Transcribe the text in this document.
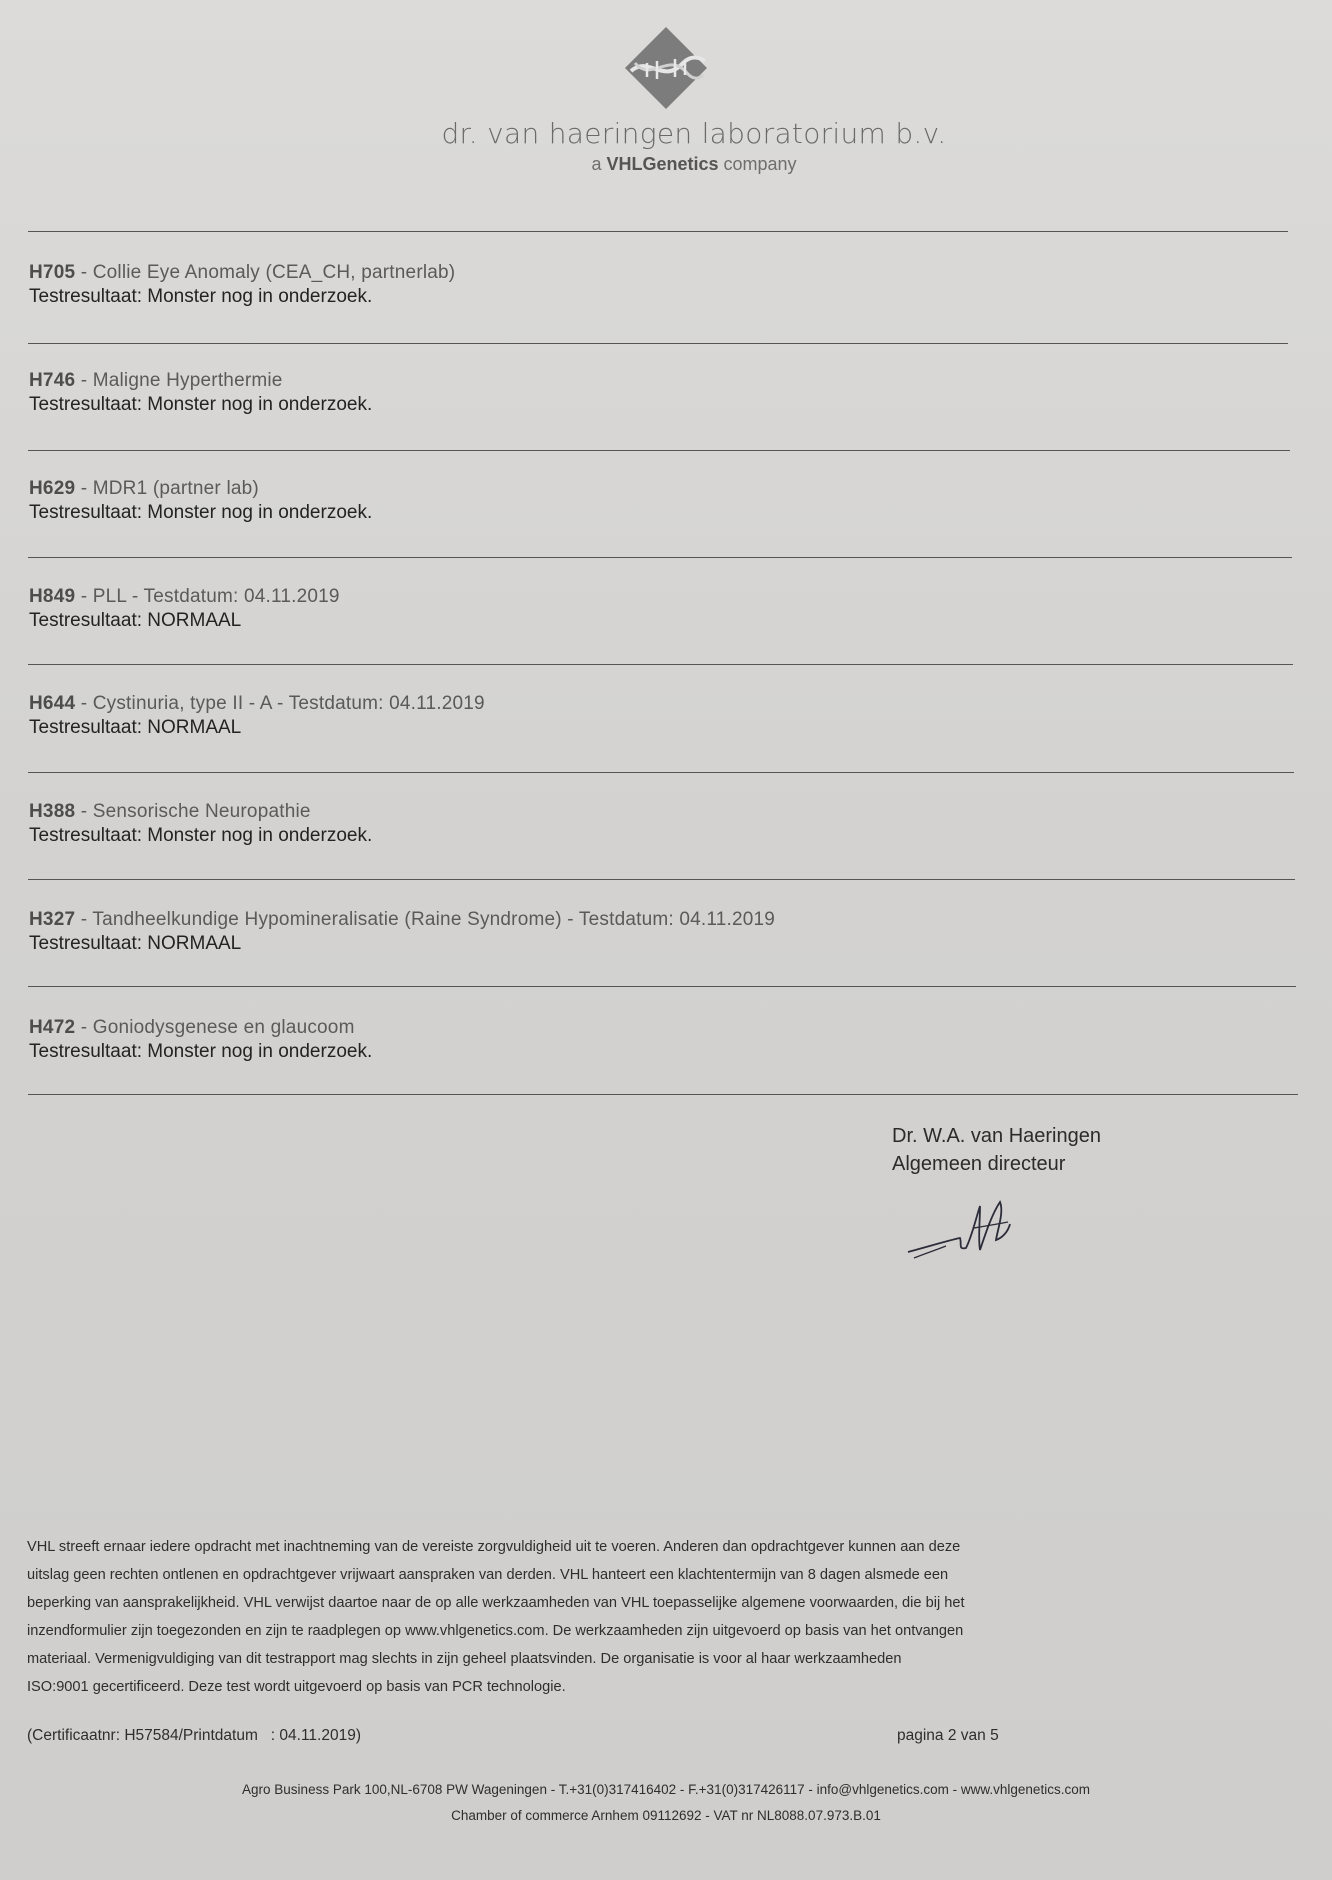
dr. van haeringen laboratorium b.v.
a VHLGenetics company
H705 - Collie Eye Anomaly (CEA_CH, partnerlab)
Testresultaat: Monster nog in onderzoek.
H746 - Maligne Hyperthermie
Testresultaat: Monster nog in onderzoek.
H629 - MDR1 (partner lab)
Testresultaat: Monster nog in onderzoek.
H849 - PLL - Testdatum: 04.11.2019
Testresultaat: NORMAAL
H644 - Cystinuria, type II - A - Testdatum: 04.11.2019
Testresultaat: NORMAAL
H388 - Sensorische Neuropathie
Testresultaat: Monster nog in onderzoek.
H327 - Tandheelkundige Hypomineralisatie (Raine Syndrome) - Testdatum: 04.11.2019
Testresultaat: NORMAAL
H472 - Goniodysgenese en glaucoom
Testresultaat: Monster nog in onderzoek.
Dr. W.A. van Haeringen
Algemeen directeur
VHL streeft ernaar iedere opdracht met inachtneming van de vereiste zorgvuldigheid uit te voeren. Anderen dan opdrachtgever kunnen aan deze
uitslag geen rechten ontlenen en opdrachtgever vrijwaart aanspraken van derden. VHL hanteert een klachtentermijn van 8 dagen alsmede een
beperking van aansprakelijkheid. VHL verwijst daartoe naar de op alle werkzaamheden van VHL toepasselijke algemene voorwaarden, die bij het
inzendformulier zijn toegezonden en zijn te raadplegen op www.vhlgenetics.com. De werkzaamheden zijn uitgevoerd op basis van het ontvangen
materiaal. Vermenigvuldiging van dit testrapport mag slechts in zijn geheel plaatsvinden. De organisatie is voor al haar werkzaamheden
ISO:9001 gecertificeerd. Deze test wordt uitgevoerd op basis van PCR technologie.
(Certificaatnr: H57584/Printdatum   : 04.11.2019)	pagina 2 van 5
Agro Business Park 100,NL-6708 PW Wageningen - T.+31(0)317416402 - F.+31(0)317426117 - info@vhlgenetics.com - www.vhlgenetics.com
Chamber of commerce Arnhem 09112692 - VAT nr NL8088.07.973.B.01
